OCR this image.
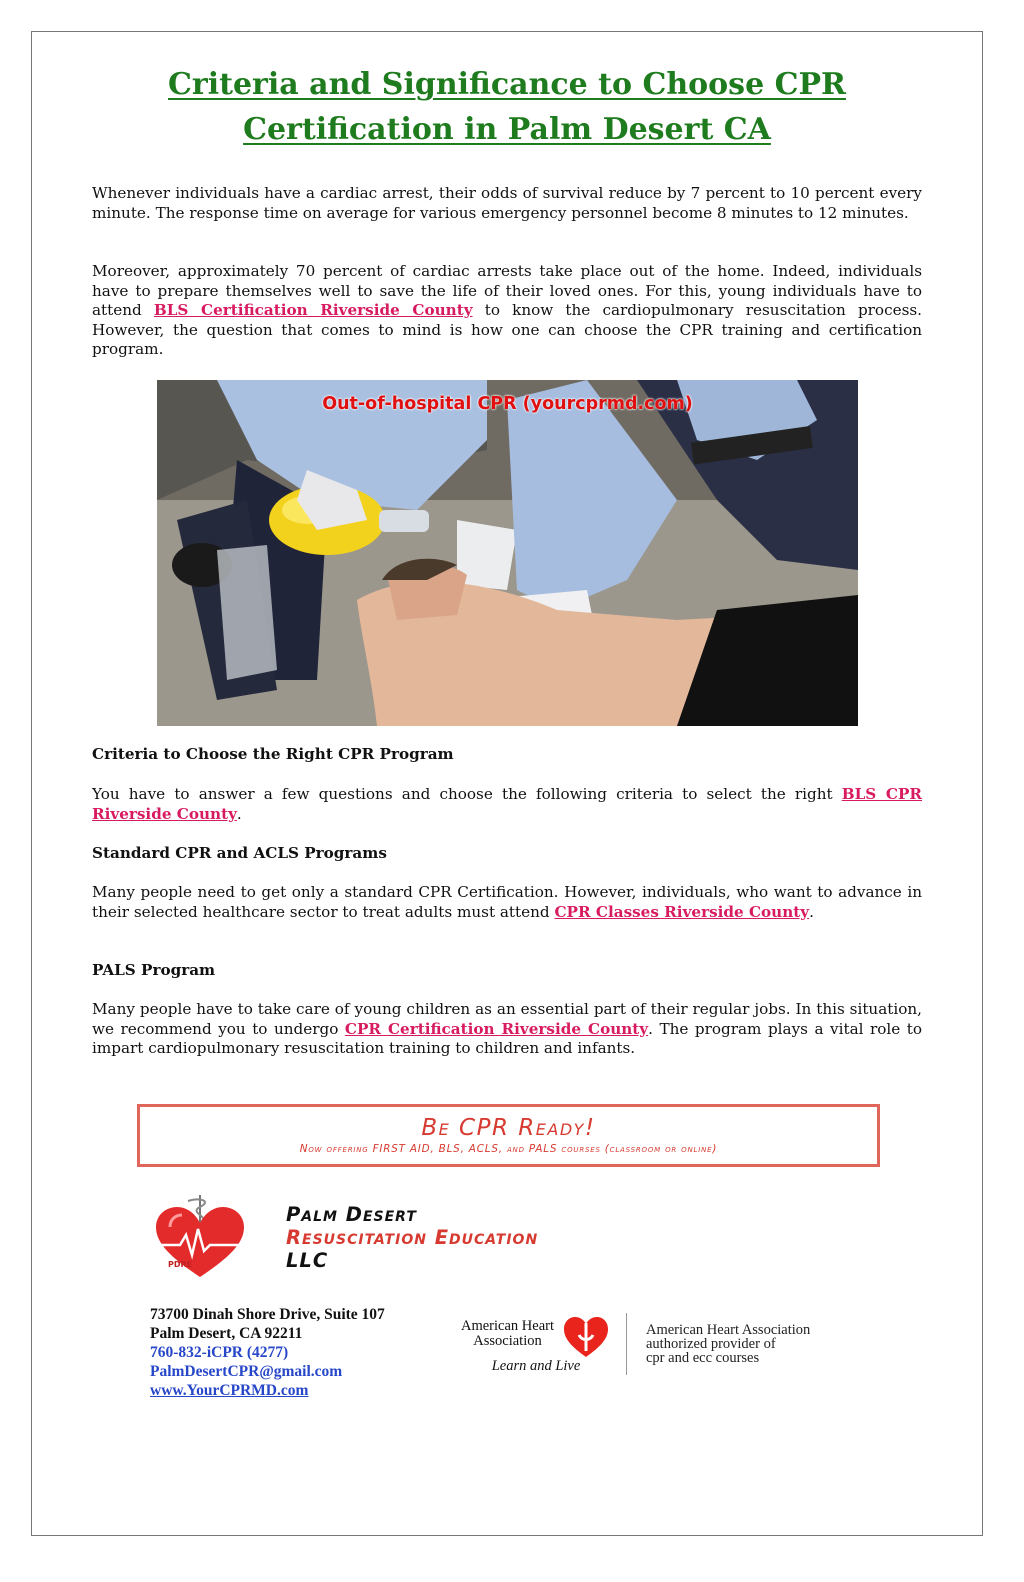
Criteria and Significance to Choose CPR Certification in Palm Desert CA

Whenever individuals have a cardiac arrest, their odds of survival reduce by 7 percent to 10 percent every minute. The response time on average for various emergency personnel become 8 minutes to 12 minutes.

Moreover, approximately 70 percent of cardiac arrests take place out of the home. Indeed, individuals have to prepare themselves well to save the life of their loved ones. For this, young individuals have to attend BLS Certification Riverside County to know the cardiopulmonary resuscitation process. However, the question that comes to mind is how one can choose the CPR training and certification program.

Out-of-hospital CPR (yourcprmd.com)
Criteria to Choose the Right CPR Program

You have to answer a few questions and choose the following criteria to select the right BLS CPR Riverside County.

Standard CPR and ACLS Programs

Many people need to get only a standard CPR Certification. However, individuals, who want to advance in their selected healthcare sector to treat adults must attend CPR Classes Riverside County.

PALS Program

Many people have to take care of young children as an essential part of their regular jobs. In this situation, we recommend you to undergo CPR Certification Riverside County. The program plays a vital role to impart cardiopulmonary resuscitation training to children and infants.

Be CPR Ready!
Now offering FIRST AID, BLS, ACLS, and PALS courses (classroom or online)
PDRE
Palm Desert
Resuscitation Education
LLC
73700 Dinah Shore Drive, Suite 107
Palm Desert, CA 92211
760-832-iCPR (4277)
PalmDesertCPR@gmail.com
www.YourCPRMD.com
American Heart
Association
Learn and Live
American Heart Association
authorized provider of
cpr and ecc courses
